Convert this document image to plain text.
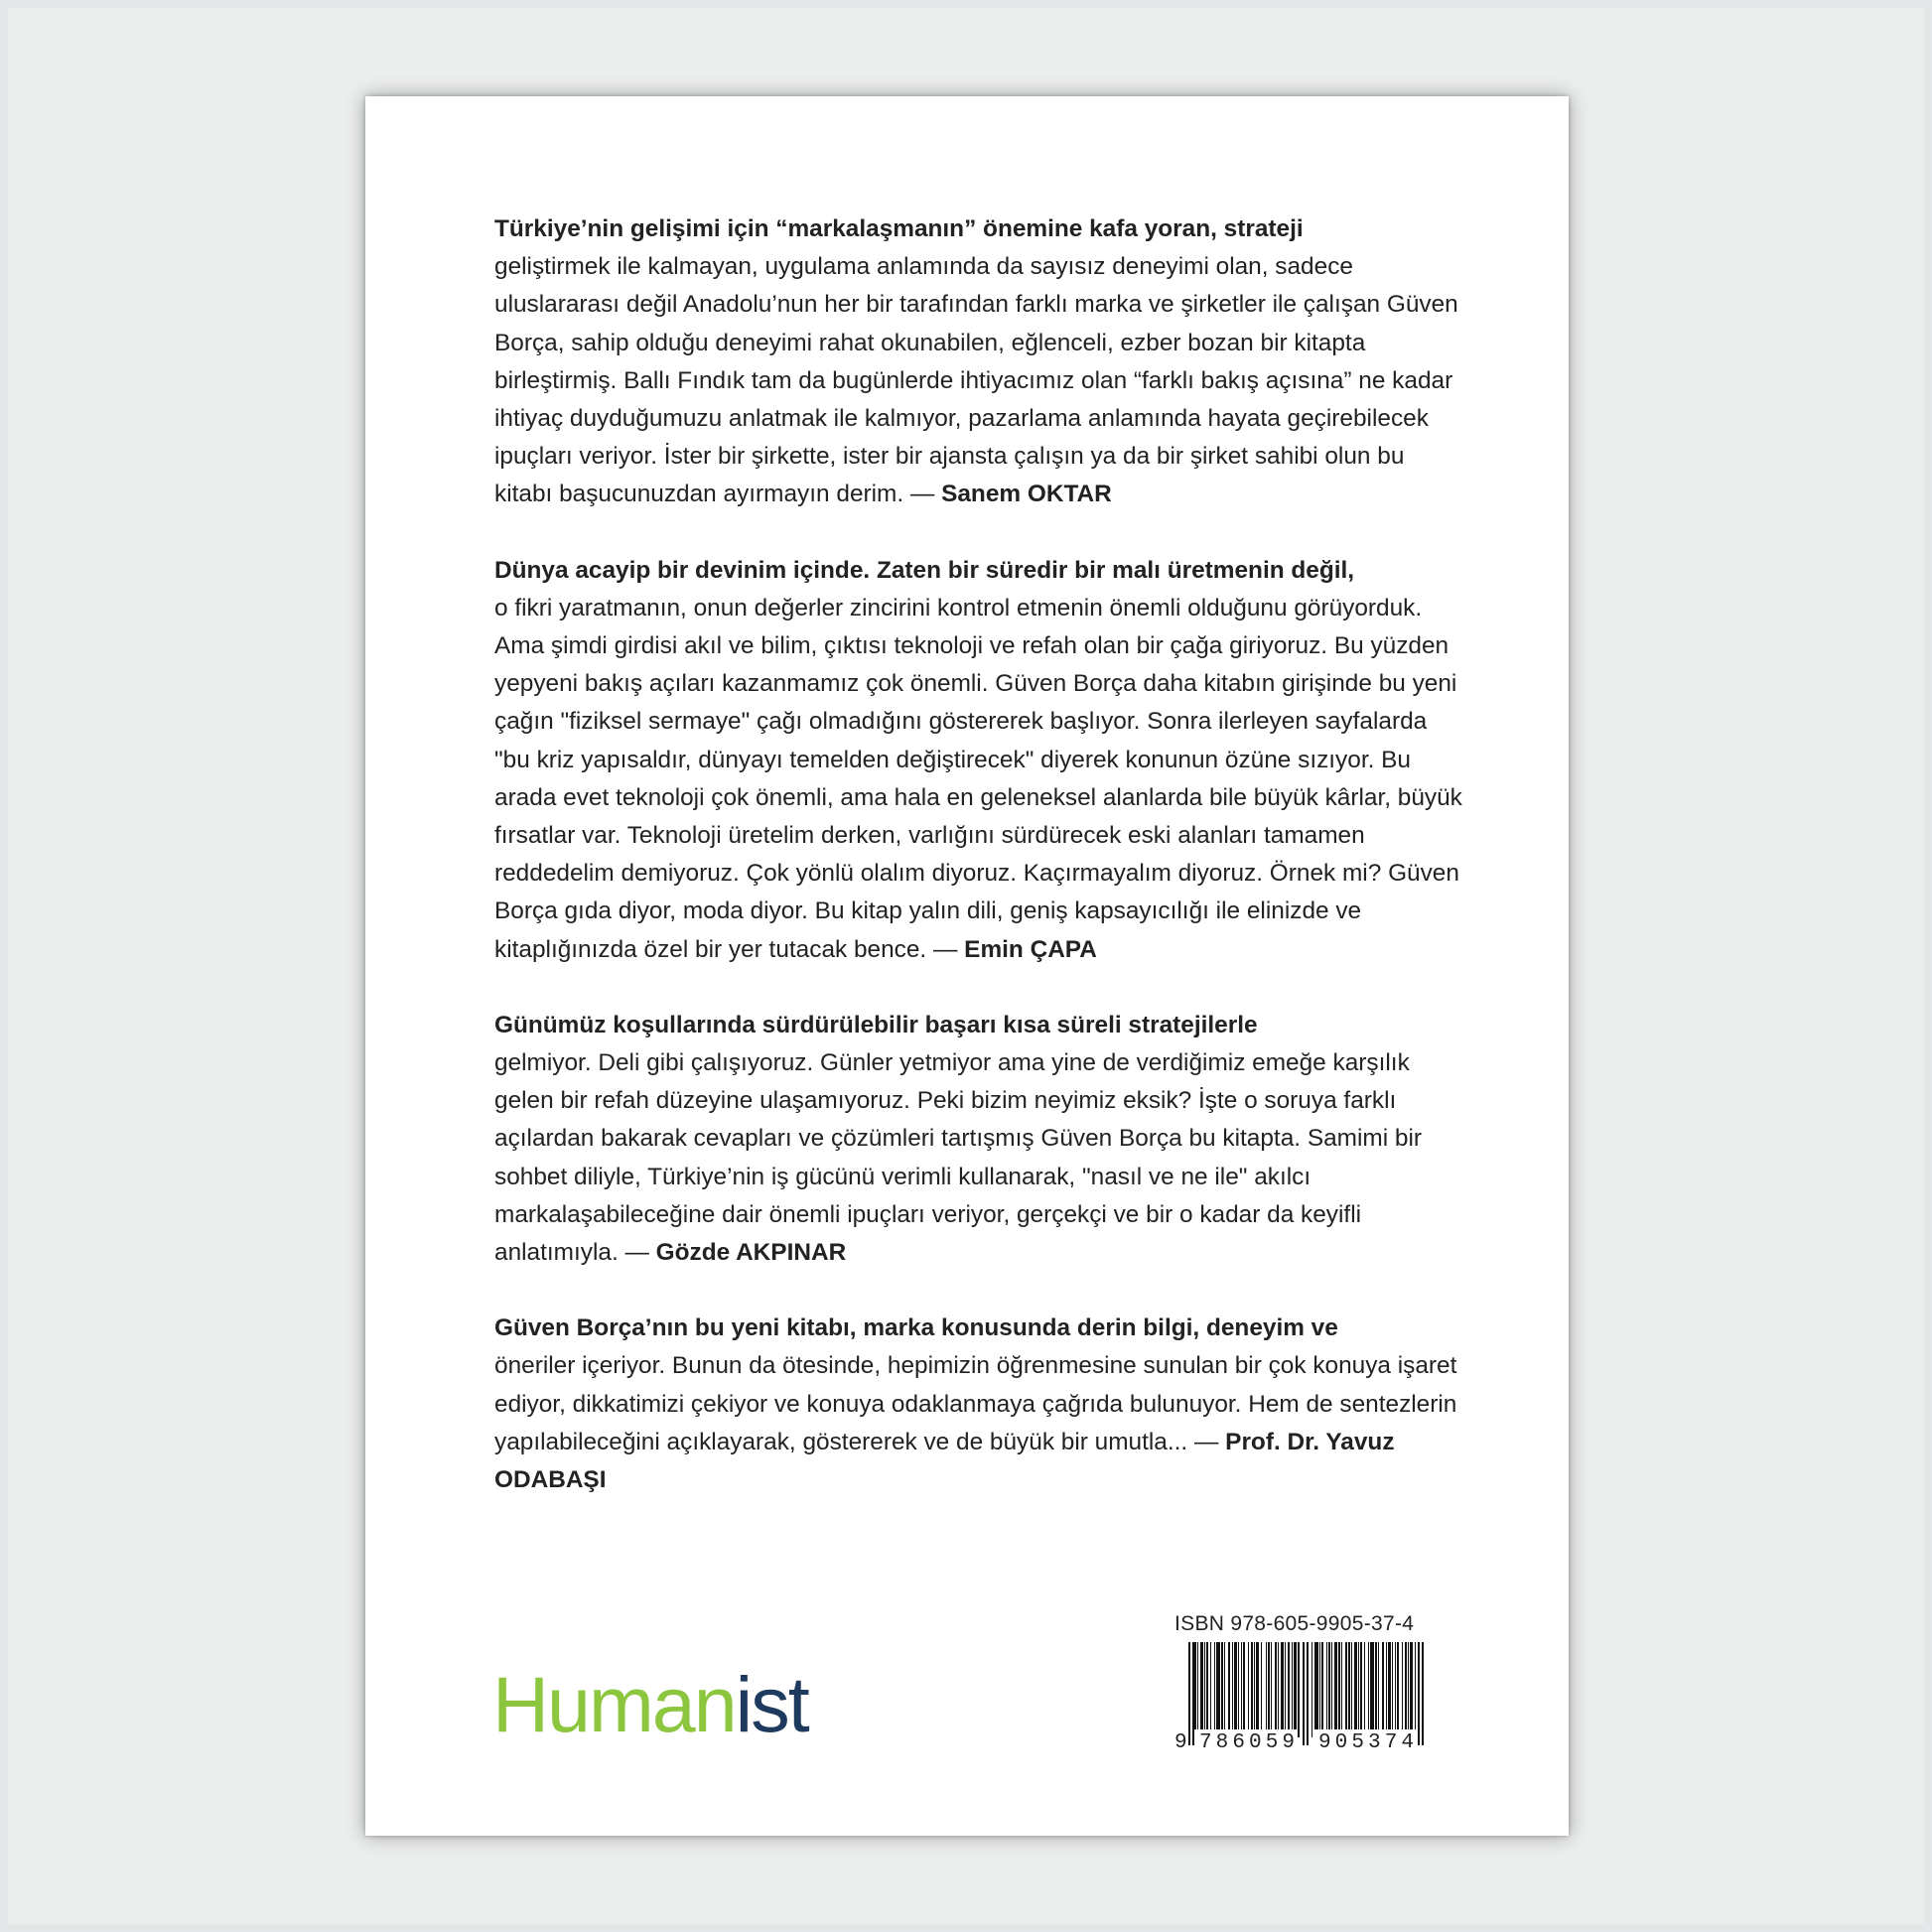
Türkiye’nin gelişimi için “markalaşmanın” önemine kafa yoran, strateji
geliştirmek ile kalmayan, uygulama anlamında da sayısız deneyimi olan, sadece uluslararası değil Anadolu’nun her bir tarafından farklı marka ve şirketler ile çalışan Güven Borça, sahip olduğu deneyimi rahat okunabilen, eğlenceli, ezber bozan bir kitapta birleştirmiş. Ballı Fındık tam da bugünlerde ihtiyacımız olan “farklı bakış açısına” ne kadar ihtiyaç duyduğumuzu anlatmak ile kalmıyor, pazarlama anlamında hayata geçirebilecek ipuçları veriyor. İster bir şirkette, ister bir ajansta çalışın ya da bir şirket sahibi olun bu kitabı başucunuzdan ayırmayın derim. — Sanem OKTAR

Dünya acayip bir devinim içinde. Zaten bir süredir bir malı üretmenin değil,
o fikri yaratmanın, onun değerler zincirini kontrol etmenin önemli olduğunu görüyorduk. Ama şimdi girdisi akıl ve bilim, çıktısı teknoloji ve refah olan bir çağa giriyoruz. Bu yüzden yepyeni bakış açıları kazanmamız çok önemli. Güven Borça daha kitabın girişinde bu yeni çağın "fiziksel sermaye" çağı olmadığını göstererek başlıyor. Sonra ilerleyen sayfalarda "bu kriz yapısaldır, dünyayı temelden değiştirecek" diyerek konunun özüne sızıyor. Bu arada evet teknoloji çok önemli, ama hala en geleneksel alanlarda bile büyük kârlar, büyük fırsatlar var. Teknoloji üretelim derken, varlığını sürdürecek eski alanları tamamen reddedelim demiyoruz. Çok yönlü olalım diyoruz. Kaçırmayalım diyoruz. Örnek mi? Güven Borça gıda diyor, moda diyor. Bu kitap yalın dili, geniş kapsayıcılığı ile elinizde ve kitaplığınızda özel bir yer tutacak bence. — Emin ÇAPA

Günümüz koşullarında sürdürülebilir başarı kısa süreli stratejilerle
gelmiyor. Deli gibi çalışıyoruz. Günler yetmiyor ama yine de verdiğimiz emeğe karşılık gelen bir refah düzeyine ulaşamıyoruz. Peki bizim neyimiz eksik? İşte o soruya farklı açılardan bakarak cevapları ve çözümleri tartışmış Güven Borça bu kitapta. Samimi bir sohbet diliyle, Türkiye’nin iş gücünü verimli kullanarak, "nasıl ve ne ile" akılcı markalaşabileceğine dair önemli ipuçları veriyor, gerçekçi ve bir o kadar da keyifli anlatımıyla. — Gözde AKPINAR

Güven Borça’nın bu yeni kitabı, marka konusunda derin bilgi, deneyim ve
öneriler içeriyor. Bunun da ötesinde, hepimizin öğrenmesine sunulan bir çok konuya işaret ediyor, dikkatimizi çekiyor ve konuya odaklanmaya çağrıda bulunuyor. Hem de sentezlerin yapılabileceğini açıklayarak, göstererek ve de büyük bir umutla... — Prof. Dr. Yavuz ODABAŞI

Humanist
ISBN 978-605-9905-37-4
9 786059 905374
